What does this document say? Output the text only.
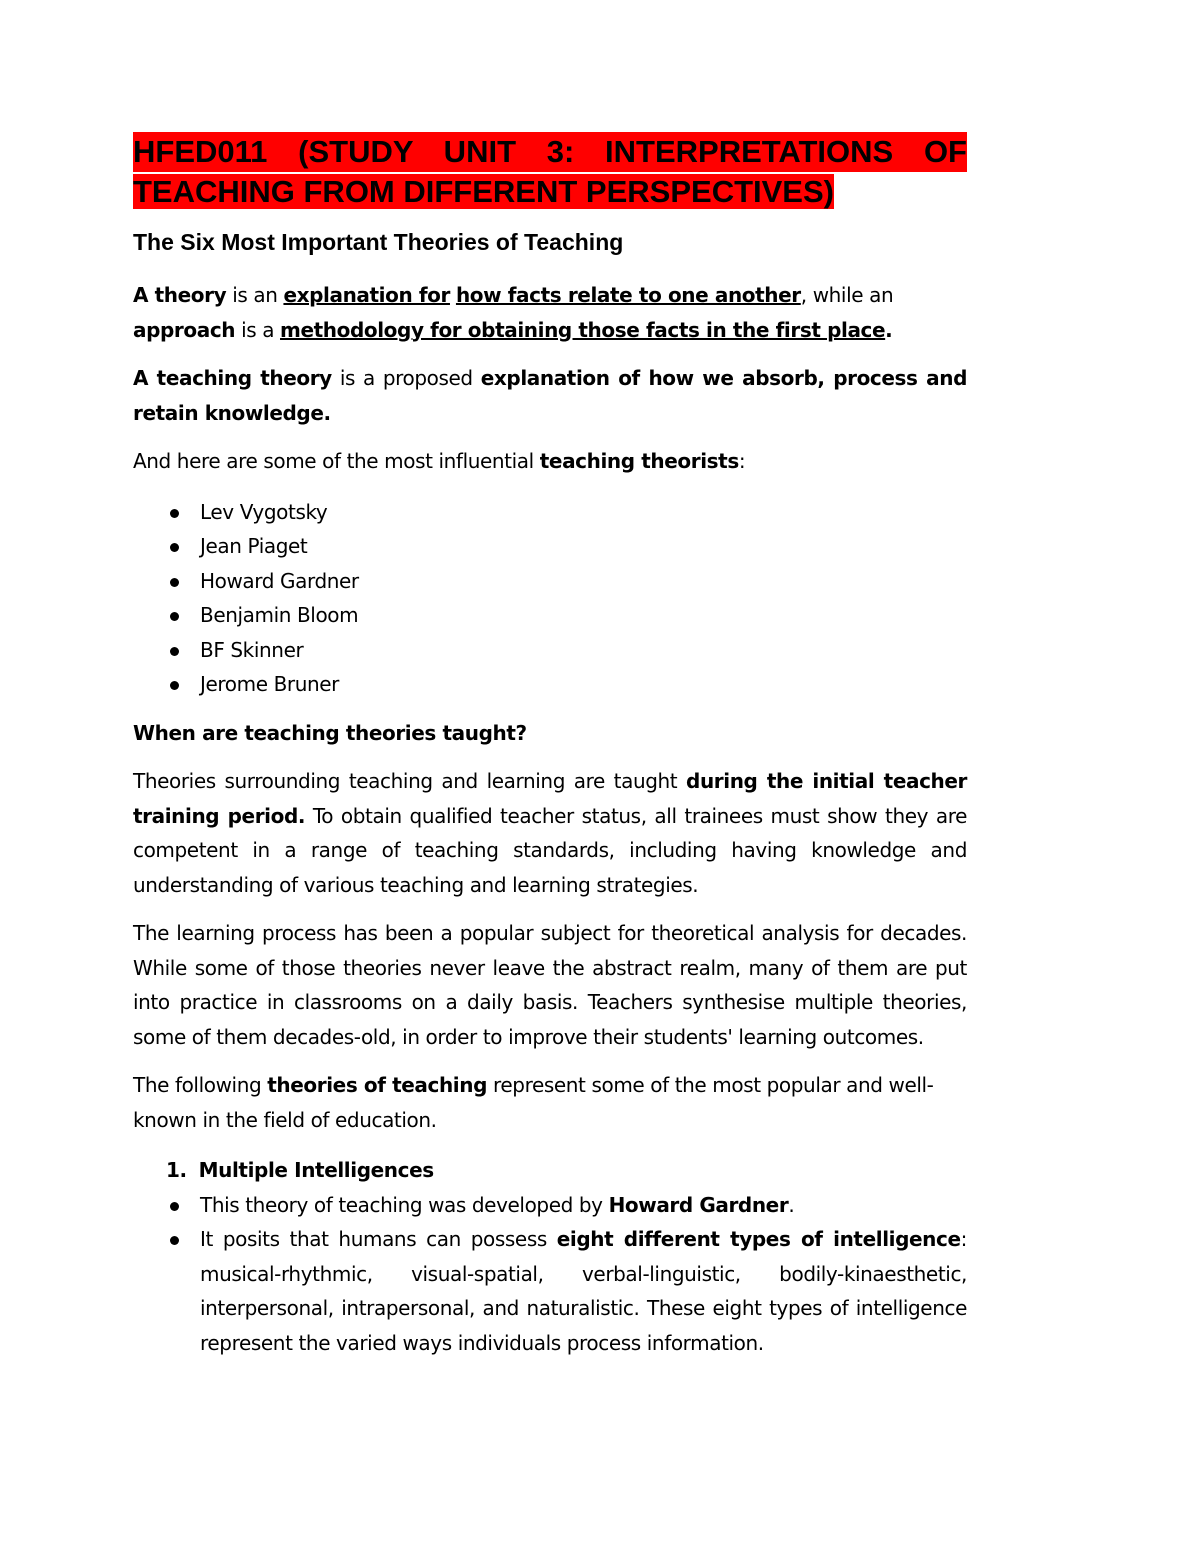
HFED011 (STUDY UNIT 3: INTERPRETATIONS OF
TEACHING FROM DIFFERENT PERSPECTIVES)
The Six Most Important Theories of Teaching

A theory is an explanation for how facts relate to one another, while an
approach is a methodology for obtaining those facts in the first place.

A teaching theory is a proposed explanation of how we absorb, process and retain knowledge.

And here are some of the most influential teaching theorists:

Lev Vygotsky
Jean Piaget
Howard Gardner
Benjamin Bloom
BF Skinner
Jerome Bruner

When are teaching theories taught?

Theories surrounding teaching and learning are taught during the initial teacher training period. To obtain qualified teacher status, all trainees must show they are competent in a range of teaching standards, including having knowledge and understanding of various teaching and learning strategies.

The learning process has been a popular subject for theoretical analysis for decades. While some of those theories never leave the abstract realm, many of them are put into practice in classrooms on a daily basis. Teachers synthesise multiple theories, some of them decades-old, in order to improve their students' learning outcomes.

The following theories of teaching represent some of the most popular and well-known in the field of education.

1. Multiple Intelligences
This theory of teaching was developed by Howard Gardner.
It posits that humans can possess eight different types of intelligence: musical-rhythmic, visual-spatial, verbal-linguistic, bodily-kinaesthetic, interpersonal, intrapersonal, and naturalistic. These eight types of intelligence represent the varied ways individuals process information.
